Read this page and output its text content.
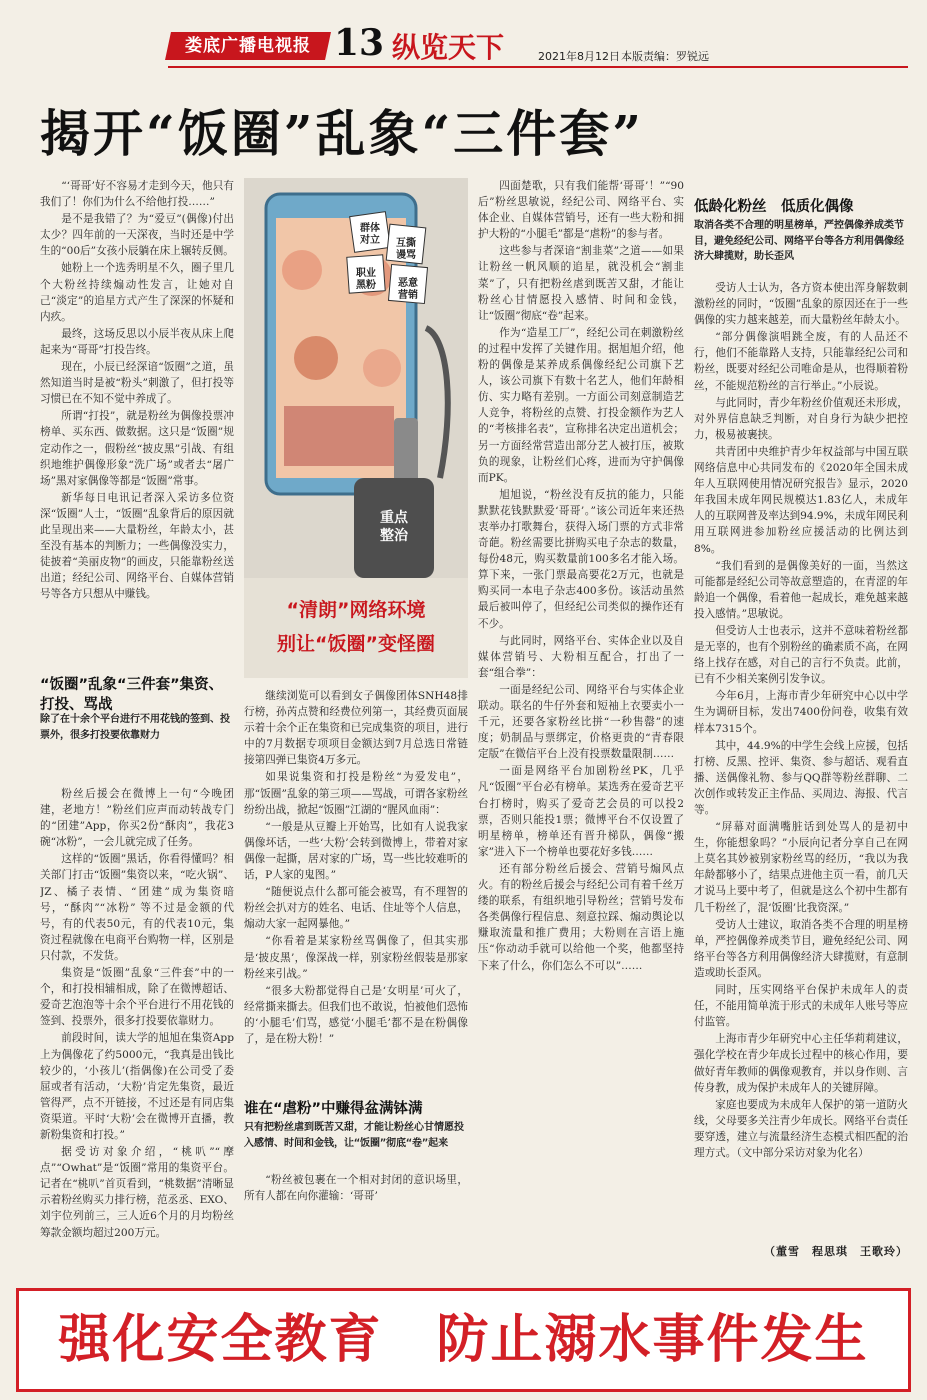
娄底广播电视报 13 纵览天下	2021年8月12日 本版责编：罗锐远
揭开“饭圈”乱象“三件套”

“‘哥哥’好不容易才走到今天，他只有我们了！你们为什么不给他打投……”

是不是我错了？为“爱豆”(偶像)付出太少？四年前的一天深夜，当时还是中学生的“00后”女孩小辰躺在床上辗转反侧。

她粉上一个选秀明星不久，圈子里几个大粉丝持续煽动性发言，让她对自己“淡定”的追星方式产生了深深的怀疑和内疚。

最终，这场反思以小辰半夜从床上爬起来为“哥哥”打投告终。

现在，小辰已经深谙“饭圈”之道，虽然知道当时是被“粉头”刺激了，但打投等习惯已在不知不觉中养成了。

所谓“打投”，就是粉丝为偶像投票冲榜单、买东西、做数据。这只是“饭圈”规定动作之一，假粉丝“披皮黑”引战、有组织地维护偶像形象“洗广场”或者去“屠广场”黑对家偶像等都是“饭圈”常事。

新华每日电讯记者深入采访多位资深“饭圈”人士，“饭圈”乱象背后的原因就此呈现出来——大量粉丝，年龄太小，甚至没有基本的判断力；一些偶像没实力，徒披着“美丽皮物”的画皮，只能靠粉丝送出道；经纪公司、网络平台、自媒体营销号等各方只想从中赚钱。

“饭圈”乱象“三件套”集资、打投、骂战
除了在十余个平台进行不用花钱的签到、投票外，很多打投要依靠财力

粉丝后援会在微博上一句“今晚团建，老地方！”粉丝们应声而动转战专门的“团建”App，你买2份“酥肉”，我花3碗“冰粉”，一会儿就完成了任务。

这样的“饭圈”黑话，你看得懂吗？相关部门打击“饭圈”集资以来，“吃火锅”、JZ、橘子表情、“团建”成为集资暗号，“酥肉”“冰粉” 等不过是金额的代号，有的代表50元，有的代表10元，集资过程就像在电商平台购物一样，区别是只付款，不发货。

集资是“饭圈”乱象“三件套”中的一个，和打投相辅相成，除了在微博超话、爱奇艺泡泡等十余个平台进行不用花钱的签到、投票外，很多打投要依靠财力。

前段时间，读大学的旭旭在集资App上为偶像花了约5000元，“我真是出钱比较少的，‘小孩儿’(指偶像)在公司受了委屈或者有活动，‘大粉’肯定先集资，最近管得严，点不开链接，不过还是有同店集资渠道。平时‘大粉’会在微博开直播，教新粉集资和打投。”

据受访对象介绍，“桃叭”“摩点”“Owhat”是“饭圈”常用的集资平台。记者在“桃叭”首页看到，“桃数据”清晰显示着粉丝购买力排行榜，范丞丞、EXO、刘宇位列前三，三人近6个月的月均粉丝筹款金额均超过200万元。

群体对立 互撕谩骂
职业黑粉 恶意营销
重点整治
“清朗”网络环境
别让“饭圈”变怪圈

继续浏览可以看到女子偶像团体SNH48排行榜，孙芮点赞和经费位列第一，其经费页面展示着十余个正在集资和已完成集资的项目，进行中的7月数据专项项目金额达到7月总选日常链接第四弹已集资4万多元。

如果说集资和打投是粉丝“为爱发电”，那“饭圈”乱象的第三项——骂战，可谓各家粉丝纷纷出战，掀起“饭圈”江湖的“腥风血雨”：

“一般是从豆瓣上开始骂，比如有人说我家偶像坏话，一些‘大粉’会转到微博上，带着对家偶像一起撕，居对家的广场，骂一些比较难听的话，P人家的鬼图。”

“随便说点什么都可能会被骂，有不理智的粉丝会扒对方的姓名、电话、住址等个人信息，煽动大家一起网暴他。”

“你看着是某家粉丝骂偶像了，但其实那是‘披皮黑’，像深战一样，别家粉丝假装是那家粉丝来引战。”

“很多大粉都觉得自己是‘女明星’可火了，经常撕来撕去。但我们也不敢说，怕被他们恐怖的‘小腿毛’们骂，感觉‘小腿毛’都不是在粉偶像了，是在粉大粉！”

谁在“虐粉”中赚得盆满钵满
只有把粉丝虐到既苦又甜，才能让粉丝心甘情愿投入感情、时间和金钱，让“饭圈”彻底“卷”起来

“粉丝被包裹在一个相对封闭的意识场里，所有人都在向你灌输：‘哥哥’

四面楚歌，只有我们能帮‘哥哥’！”“90后”粉丝思敏说，经纪公司、网络平台、实体企业、自媒体营销号，还有一些大粉和拥护大粉的“小腿毛”都是“虐粉”的参与者。

这些参与者深谙“割韭菜”之道——如果让粉丝一帆风顺的追星，就没机会“割韭菜”了，只有把粉丝虐到既苦又甜，才能让粉丝心甘情愿投入感情、时间和金钱，让“饭圈”彻底“卷”起来。

作为“造星工厂”，经纪公司在刺激粉丝的过程中发挥了关键作用。据旭旭介绍，他粉的偶像是某养成系偶像经纪公司旗下艺人，该公司旗下有数十名艺人，他们年龄相仿、实力略有差别。一方面公司刻意制造艺人竞争，将粉丝的点赞、打投金额作为艺人的“考核排名表”，宣称排名决定出道机会；另一方面经常营造出部分艺人被打压，被欺负的现象，让粉丝们心疼，进而为守护偶像而PK。

旭旭说，“粉丝没有反抗的能力，只能默默花钱默默爱‘哥哥’。”该公司近年来还热衷举办打歌舞台，获得入场门票的方式非常奇葩。粉丝需要比拼购买电子杂志的数量，每份48元，购买数量前100多名才能入场。算下来，一张门票最高要花2万元，也就是购买同一本电子杂志400多份。该活动虽然最后被叫停了，但经纪公司类似的操作还有不少。

与此同时，网络平台、实体企业以及自媒体营销号、大粉相互配合，打出了一套“组合拳”：

一面是经纪公司、网络平台与实体企业联动。联名的牛仔外套和短袖上衣要卖小一千元，还要各家粉丝比拼“一秒售罄”的速度；奶制品与票绑定，价格更贵的“青春限定版”在微信平台上没有投票数量限制……

一面是网络平台加剧粉丝PK，几乎凡“饭圈”平台必有榜单。某选秀在爱奇艺平台打榜时，购买了爱奇艺会员的可以投2票，否则只能投1票；微博平台不仅设置了明星榜单，榜单还有晋升梯队，偶像“搬家”进入下一个榜单也要花好多钱……

还有部分粉丝后援会、营销号煽风点火。有的粉丝后援会与经纪公司有着千丝万缕的联系，有组织地引导粉丝；营销号发布各类偶像行程信息、刻意拉踩、煽动舆论以赚取流量和推广费用；大粉则在言语上施压“你动动手就可以给他一个奖，他都坚持下来了什么，你们怎么不可以”……

低龄化粉丝　低质化偶像
取消各类不合理的明星榜单，严控偶像养成类节目，避免经纪公司、网络平台等各方利用偶像经济大肆揽财，助长歪风

受访人士认为，各方资本使出浑身解数刺激粉丝的同时，“饭圈”乱象的原因还在于一些偶像的实力越来越差，而大量粉丝年龄太小。

“部分偶像演唱跳全废，有的人品还不行，他们不能靠路人支持，只能靠经纪公司和粉丝，既要对经纪公司唯命是从，也得顺着粉丝，不能规范粉丝的言行举止。”小辰说。

与此同时，青少年粉丝价值观还未形成，对外界信息缺乏判断，对自身行为缺少把控力，极易被裹挟。

共青团中央维护青少年权益部与中国互联网络信息中心共同发布的《2020年全国未成年人互联网使用情况研究报告》显示，2020年我国未成年网民规模达1.83亿人，未成年人的互联网普及率达到94.9%，未成年网民利用互联网进参加粉丝应援活动的比例达到8%。

“我们看到的是偶像美好的一面，当然这可能都是经纪公司等故意塑造的，在青涩的年龄追一个偶像，看着他一起成长，难免越来越投入感情。”思敏说。

但受访人士也表示，这并不意味着粉丝都是无辜的，也有个别粉丝的确素质不高，在网络上找存在感，对自己的言行不负责。此前，已有不少相关案例引发争议。

今年6月，上海市青少年研究中心以中学生为调研目标，发出7400份问卷，收集有效样本7315个。

其中，44.9%的中学生会线上应援，包括打榜、反黑、控评、集资、参与超话、观看直播、送偶像礼物、参与QQ群等粉丝群聊、二次创作或转发正主作品、买周边、海报、代言等。

“屏幕对面满嘴脏话到处骂人的是初中生，你能想象吗？”小辰向记者分享自己在网上莫名其妙被别家粉丝骂的经历，“我以为我年龄都够小了，结果点进他主页一看，前几天才说马上要中考了，但就是这么个初中生都有几千粉丝了，混‘饭圈’比我资深。”

受访人士建议，取消各类不合理的明星榜单，严控偶像养成类节目，避免经纪公司、网络平台等各方利用偶像经济大肆揽财，有意制造或助长歪风。

同时，压实网络平台保护未成年人的责任，不能用简单流于形式的未成年人账号等应付监管。

上海市青少年研究中心主任华莉莉建议，强化学校在青少年成长过程中的核心作用，要做好青年教师的偶像观教育，并以身作则、言传身教，成为保护未成年人的关键屏障。

家庭也要成为未成年人保护的第一道防火线，父母要多关注青少年成长。网络平台责任要穿透，建立与流量经济生态模式相匹配的治理方式。（文中部分采访对象为化名）

（董雪　程思琪　王歌玲）
强化安全教育　防止溺水事件发生
